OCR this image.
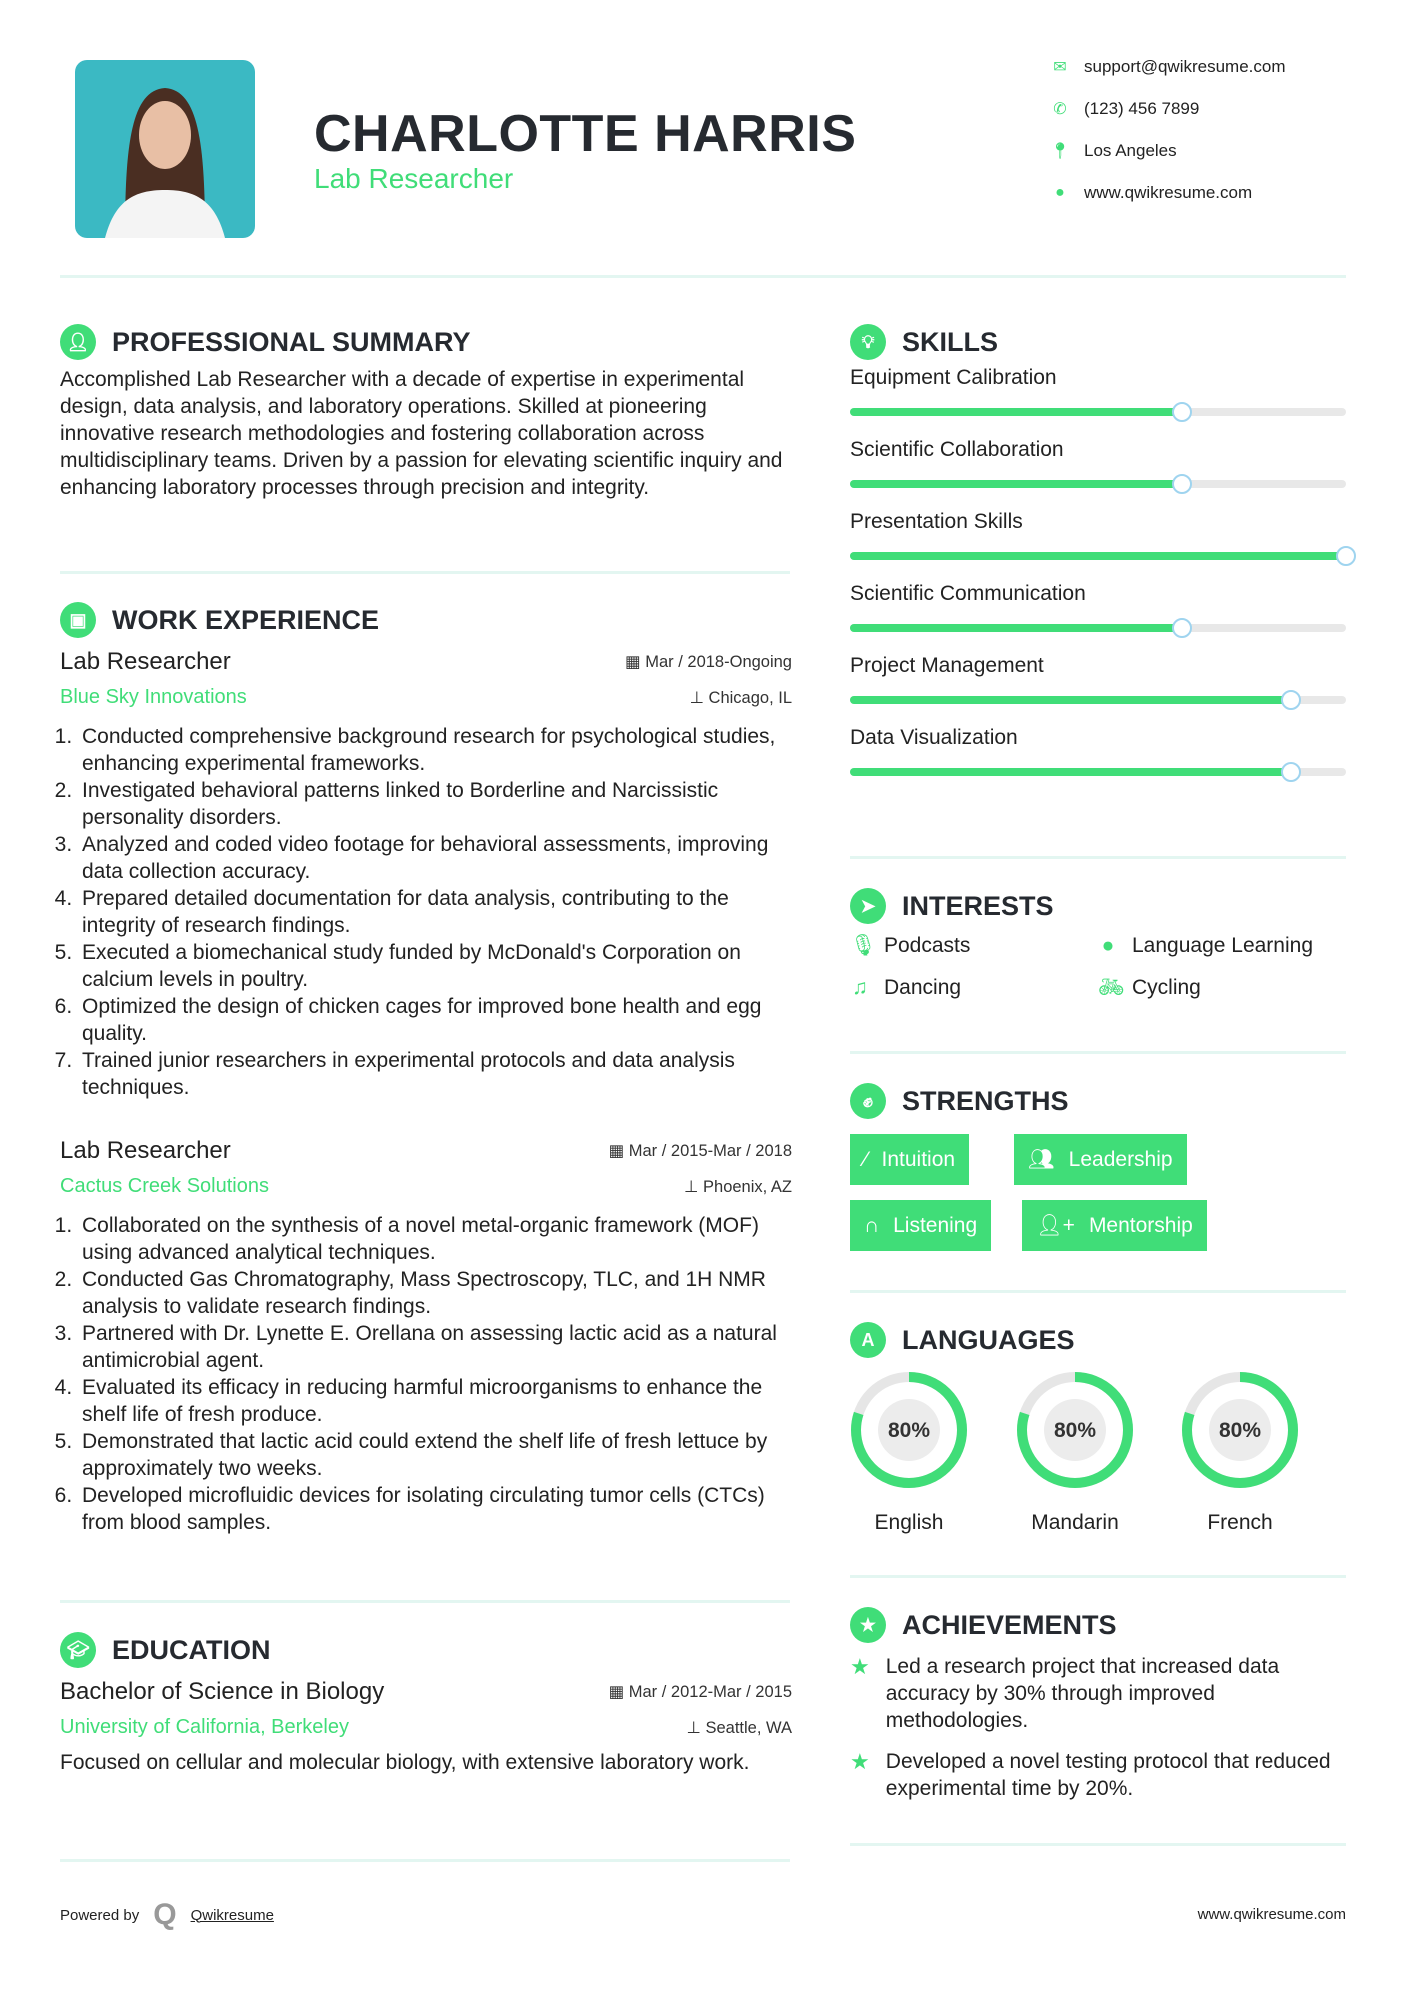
CHARLOTTE HARRIS
Lab Researcher
✉ support@qwikresume.com
✆ (123) 456 7899
📍︎ Los Angeles
●	www.qwikresume.com
👤︎ PROFESSIONAL SUMMARY
Accomplished Lab Researcher with a decade of expertise in experimental design, data analysis, and laboratory operations. Skilled at pioneering innovative research methodologies and fostering collaboration across multidisciplinary teams. Driven by a passion for elevating scientific inquiry and enhancing laboratory processes through precision and integrity.
▣ WORK EXPERIENCE
Lab Researcher	▦ Mar / 2018-Ongoing
Blue Sky Innovations	⊥ Chicago, IL
1. Conducted comprehensive background research for psychological studies, enhancing experimental frameworks.
2. Investigated behavioral patterns linked to Borderline and Narcissistic personality disorders.
3. Analyzed and coded video footage for behavioral assessments, improving data collection accuracy.
4. Prepared detailed documentation for data analysis, contributing to the integrity of research findings.
5. Executed a biomechanical study funded by McDonald's Corporation on calcium levels in poultry.
6. Optimized the design of chicken cages for improved bone health and egg quality.
7. Trained junior researchers in experimental protocols and data analysis techniques.
Lab Researcher	▦ Mar / 2015-Mar / 2018
Cactus Creek Solutions	⊥ Phoenix, AZ
1. Collaborated on the synthesis of a novel metal-organic framework (MOF) using advanced analytical techniques.
2. Conducted Gas Chromatography, Mass Spectroscopy, TLC, and 1H NMR analysis to validate research findings.
3. Partnered with Dr. Lynette E. Orellana on assessing lactic acid as a natural antimicrobial agent.
4. Evaluated its efficacy in reducing harmful microorganisms to enhance the shelf life of fresh produce.
5. Demonstrated that lactic acid could extend the shelf life of fresh lettuce by approximately two weeks.
6. Developed microfluidic devices for isolating circulating tumor cells (CTCs) from blood samples.
🎓︎ EDUCATION
Bachelor of Science in Biology	▦ Mar / 2012-Mar / 2015
University of California, Berkeley	⊥ Seattle, WA
Focused on cellular and molecular biology, with extensive laboratory work.
💡︎	SKILLS
Equipment Calibration
Scientific Collaboration
Presentation Skills
Scientific Communication
Project Management
Data Visualization
➤ INTERESTS
🎙︎ Podcasts	● Language Learning
♫ Dancing	🚲︎ Cycling
✊︎	STRENGTHS
⁄ Intuition	👥︎ Leadership
∩ Listening	👤︎+ Mentorship
A	LANGUAGES
80%
English
80%
Mandarin
80%
French
★ ACHIEVEMENTS
★ Led a research project that increased data accuracy by 30% through improved methodologies.
★ Developed a novel testing protocol that reduced experimental time by 20%.
Powered by Q Qwikresume	www.qwikresume.com
